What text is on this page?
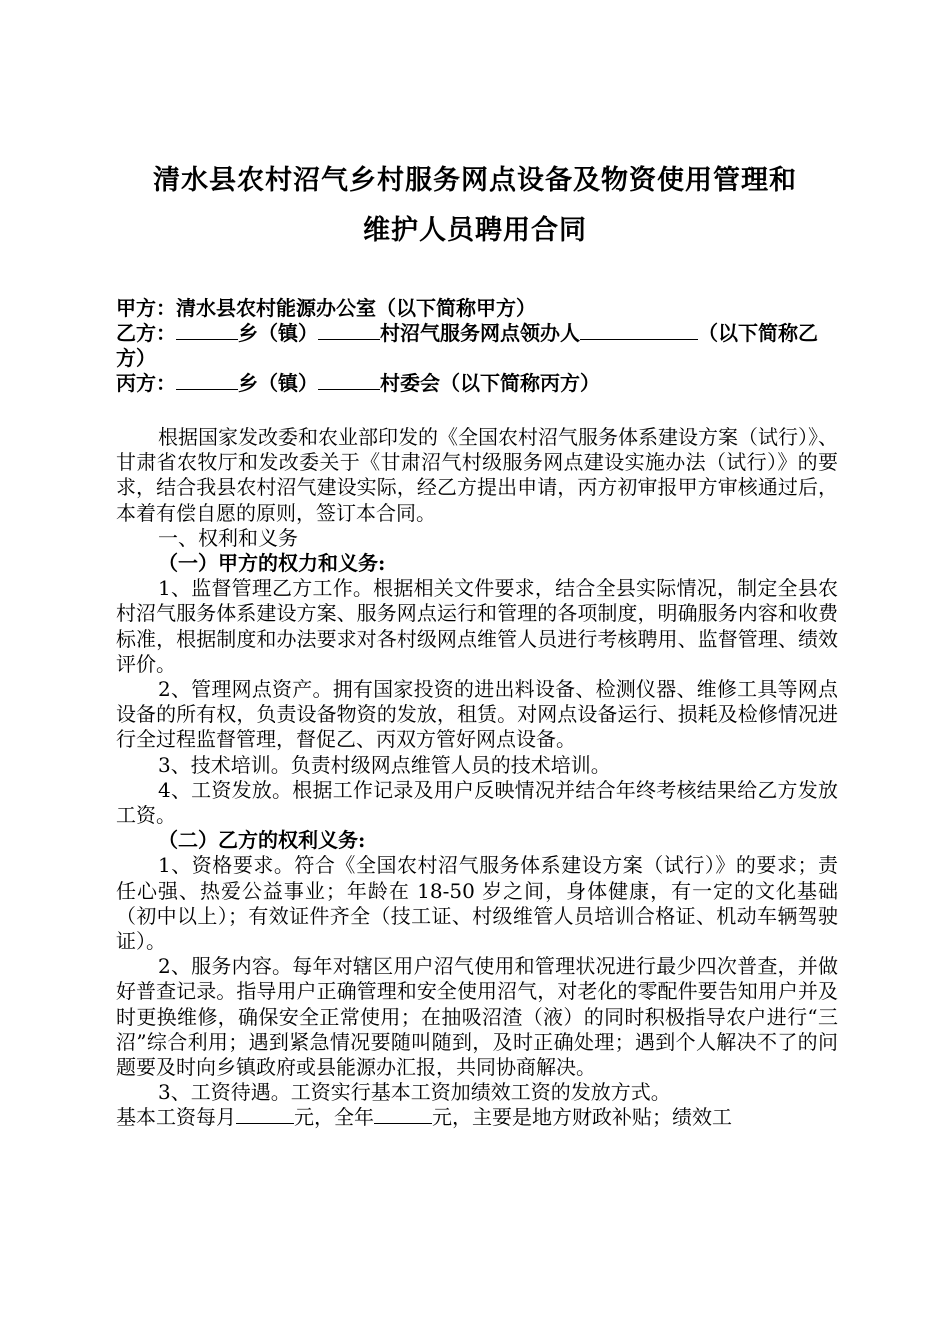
清水县农村沼气乡村服务网点设备及物资使用管理和
维护人员聘用合同

甲方：清水县农村能源办公室（以下简称甲方）

乙方：	乡（镇）	村沼气服务网点领办人	（以下简称乙方）

丙方：	乡（镇）	村委会（以下简称丙方）

根据国家发改委和农业部印发的《全国农村沼气服务体系建设方案（试行）》、甘肃省农牧厅和发改委关于《甘肃沼气村级服务网点建设实施办法（试行）》的要求，结合我县农村沼气建设实际，经乙方提出申请，丙方初审报甲方审核通过后，本着有偿自愿的原则，签订本合同。

一、权利和义务

（一）甲方的权力和义务:

1、监督管理乙方工作。根据相关文件要求，结合全县实际情况，制定全县农村沼气服务体系建设方案、服务网点运行和管理的各项制度，明确服务内容和收费标准，根据制度和办法要求对各村级网点维管人员进行考核聘用、监督管理、绩效评价。

2、管理网点资产。拥有国家投资的进出料设备、检测仪器、维修工具等网点设备的所有权，负责设备物资的发放，租赁。对网点设备运行、损耗及检修情况进行全过程监督管理，督促乙、丙双方管好网点设备。

3、技术培训。负责村级网点维管人员的技术培训。

4、工资发放。根据工作记录及用户反映情况并结合年终考核结果给乙方发放工资。

（二）乙方的权利义务:

1、资格要求。符合《全国农村沼气服务体系建设方案（试行）》的要求；责任心强、热爱公益事业；年龄在 18-50 岁之间，身体健康，有一定的文化基础（初中以上）；有效证件齐全（技工证、村级维管人员培训合格证、机动车辆驾驶证）。

2、服务内容。每年对辖区用户沼气使用和管理状况进行最少四次普查，并做好普查记录。指导用户正确管理和安全使用沼气，对老化的零配件要告知用户并及时更换维修，确保安全正常使用；在抽吸沼渣（液）的同时积极指导农户进行“三沼”综合利用；遇到紧急情况要随叫随到，及时正确处理；遇到个人解决不了的问题要及时向乡镇政府或县能源办汇报，共同协商解决。

3、工资待遇。工资实行基本工资加绩效工资的发放方式。

基本工资每月	元，全年	元，主要是地方财政补贴；绩效工
